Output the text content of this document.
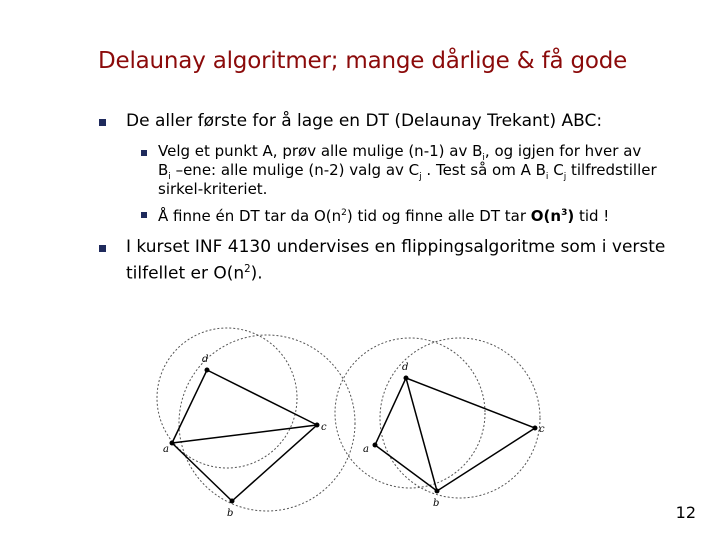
Delaunay algoritmer; mange dårlige & få gode
De aller første for å lage en DT (Delaunay Trekant) ABC:
Velg et punkt A, prøv alle mulige (n-1) av $B_i$, og igjen for hver av
$B_i$ –ene: alle mulige (n-2) valg av $C_j$ . Test så om A $B_i$ $C_j$ tilfredstiller
sirkel-kriteriet.
Å finne én DT tar da $O(n^2)$ tid og finne alle DT tar $O(n^3)$ tid !
I kurset INF 4130 undervises en flippingsalgoritme som i verste
tilfellet er $O(n^2)$.
d
c
b
a
d
c
b
a
12
